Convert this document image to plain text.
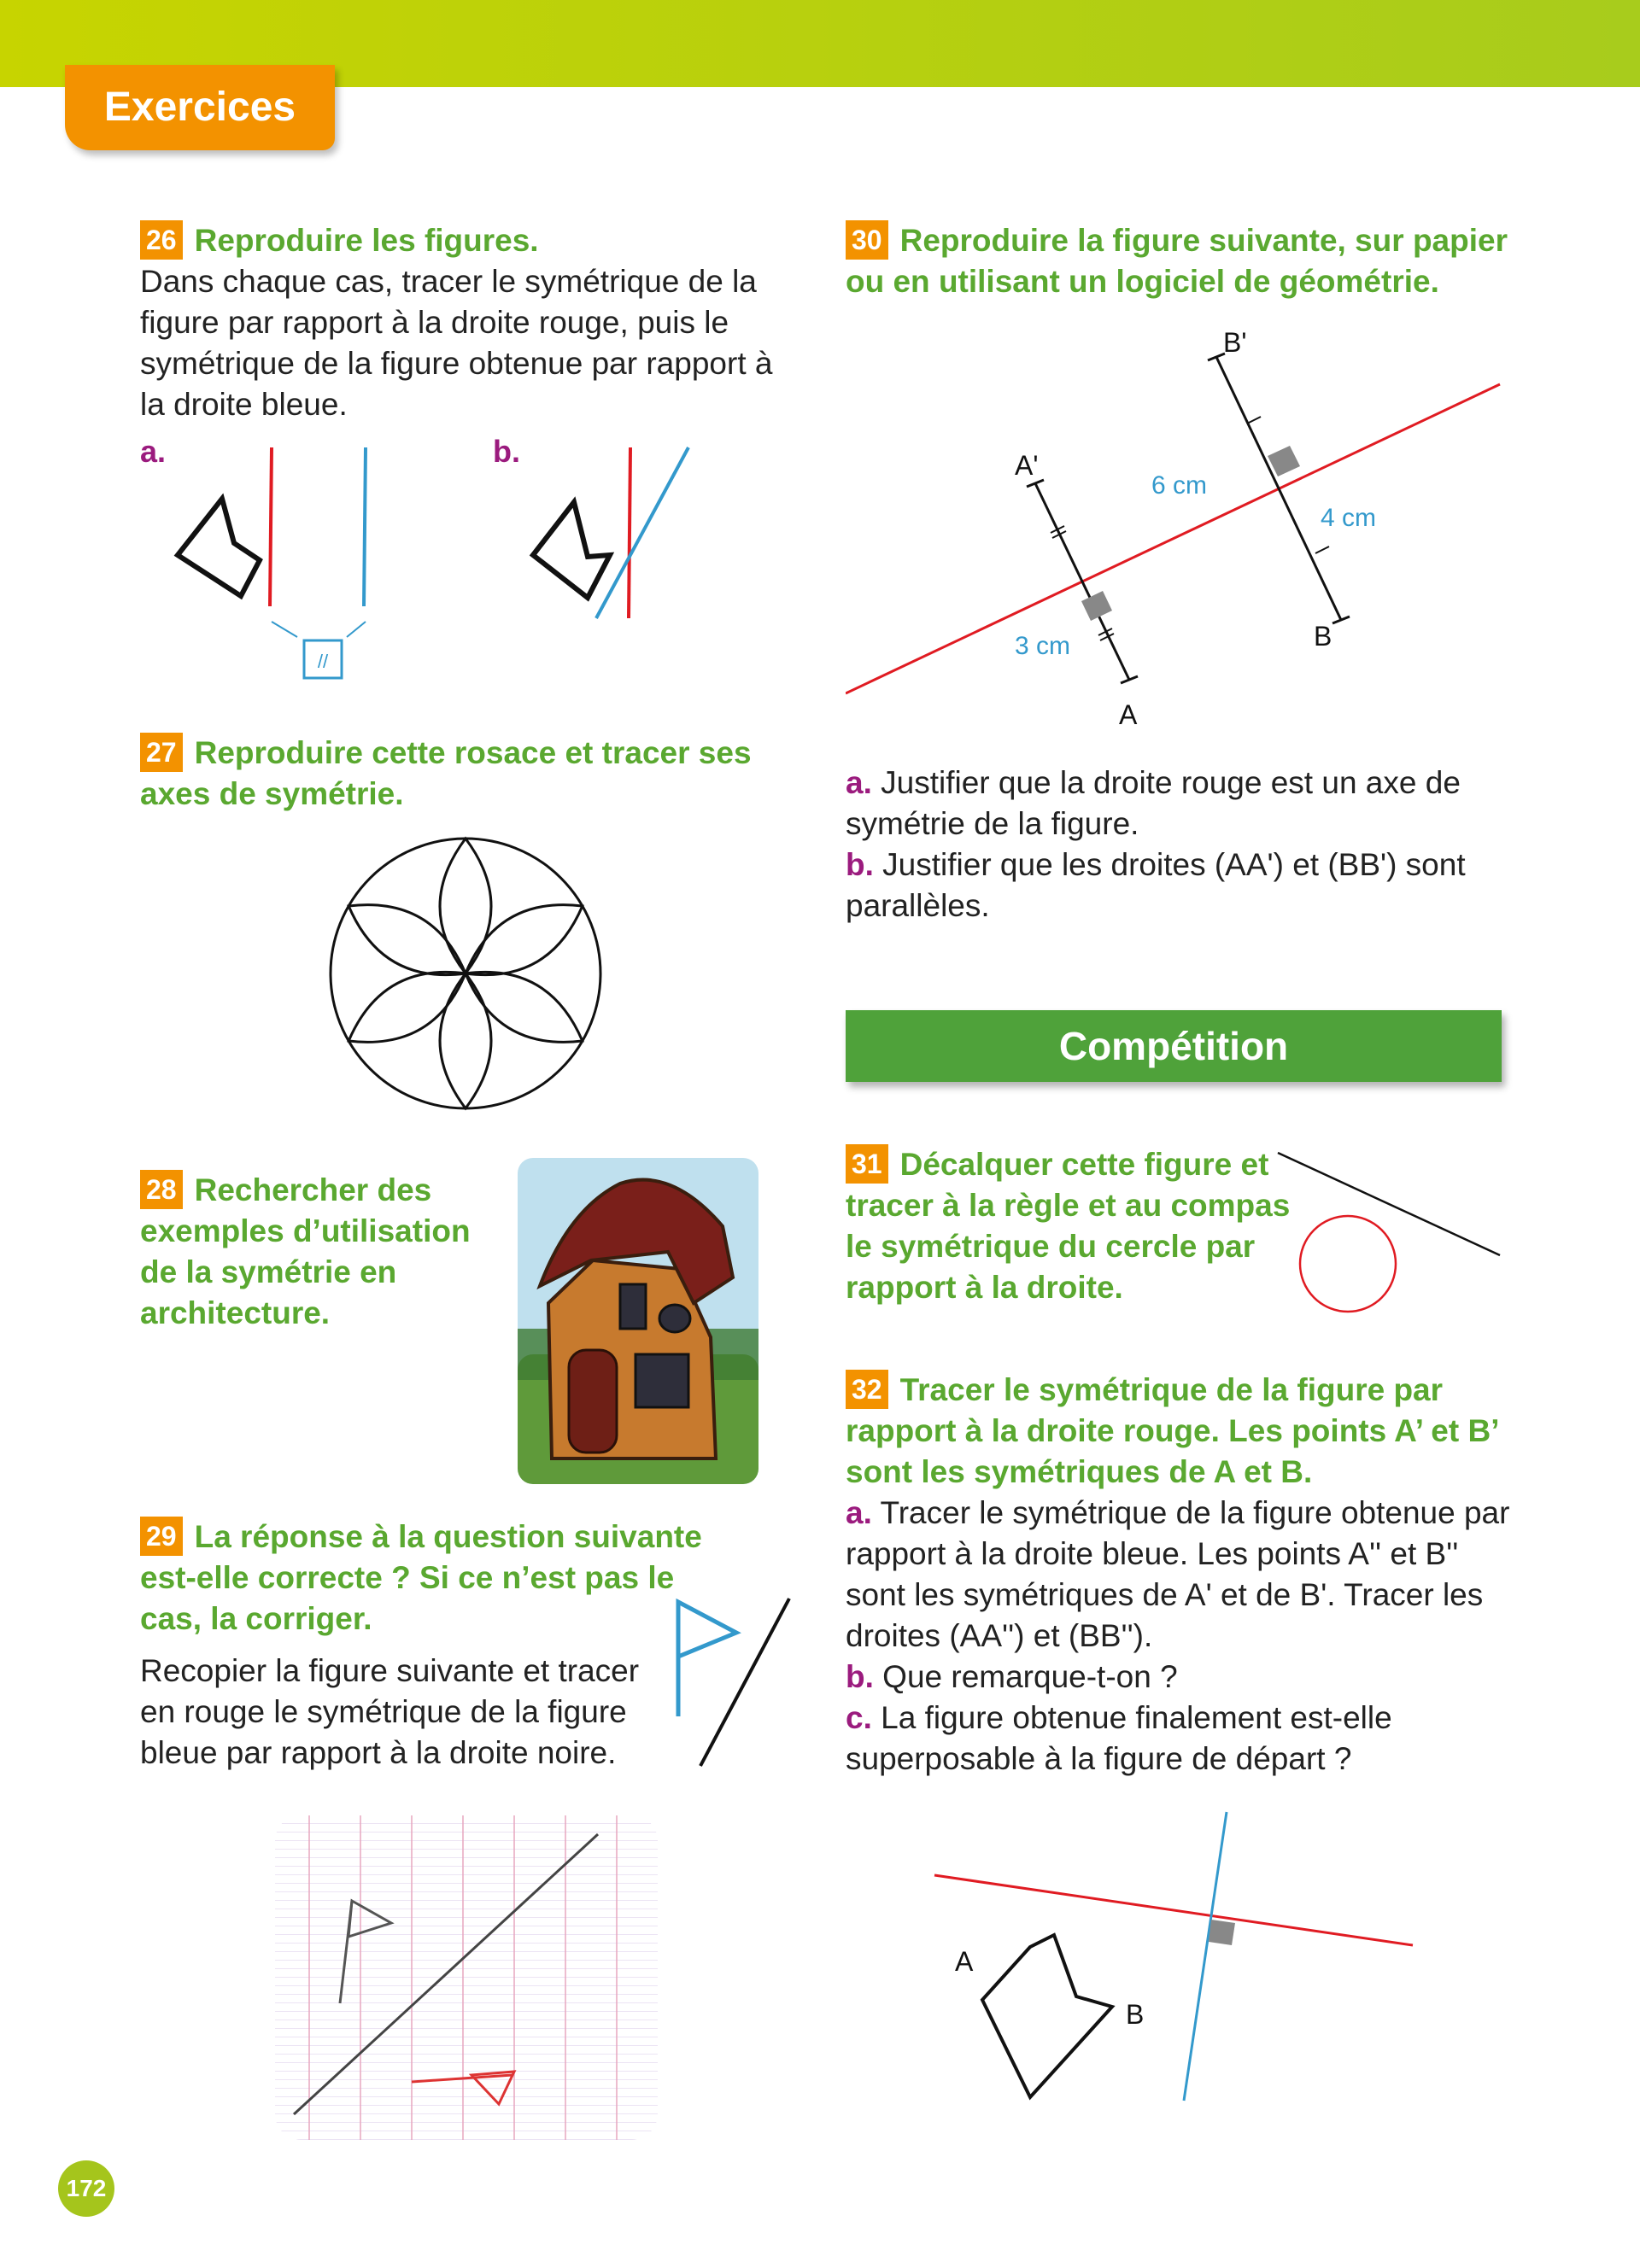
Exercices
26 Reproduire les figures.
Dans chaque cas, tracer le symétrique de la figure par rapport à la droite rouge, puis le symétrique de la figure obtenue par rapport à la droite bleue.
a.	b.
//
27 Reproduire cette rosace et tracer ses axes de symétrie.
28 Rechercher des exemples d’utilisation de la symétrie en architecture.
29 La réponse à la question suivante est-elle correcte ? Si ce n’est pas le cas, la corriger.
Recopier la figure suivante et tracer en rouge le symétrique de la figure bleue par rapport à la droite noire.
30 Reproduire la figure suivante, sur papier ou en utilisant un logiciel de géométrie.
B'
A'
A
B
6 cm
4 cm
3 cm
a. Justifier que la droite rouge est un axe de symétrie de la figure.
b. Justifier que les droites (AA') et (BB') sont parallèles.
Compétition
31 Décalquer cette figure et tracer à la règle et au compas le symétrique du cercle par rapport à la droite.
32 Tracer le symétrique de la figure par rapport à la droite rouge. Les points A’ et B’ sont les symétriques de A et B.
a. Tracer le symétrique de la figure obtenue par rapport à la droite bleue. Les points A'' et B'' sont les symétriques de A' et de B'. Tracer les droites (AA'') et (BB'').
b. Que remarque-t-on ?
c. La figure obtenue finalement est-elle superposable à la figure de départ ?
A
B
172
